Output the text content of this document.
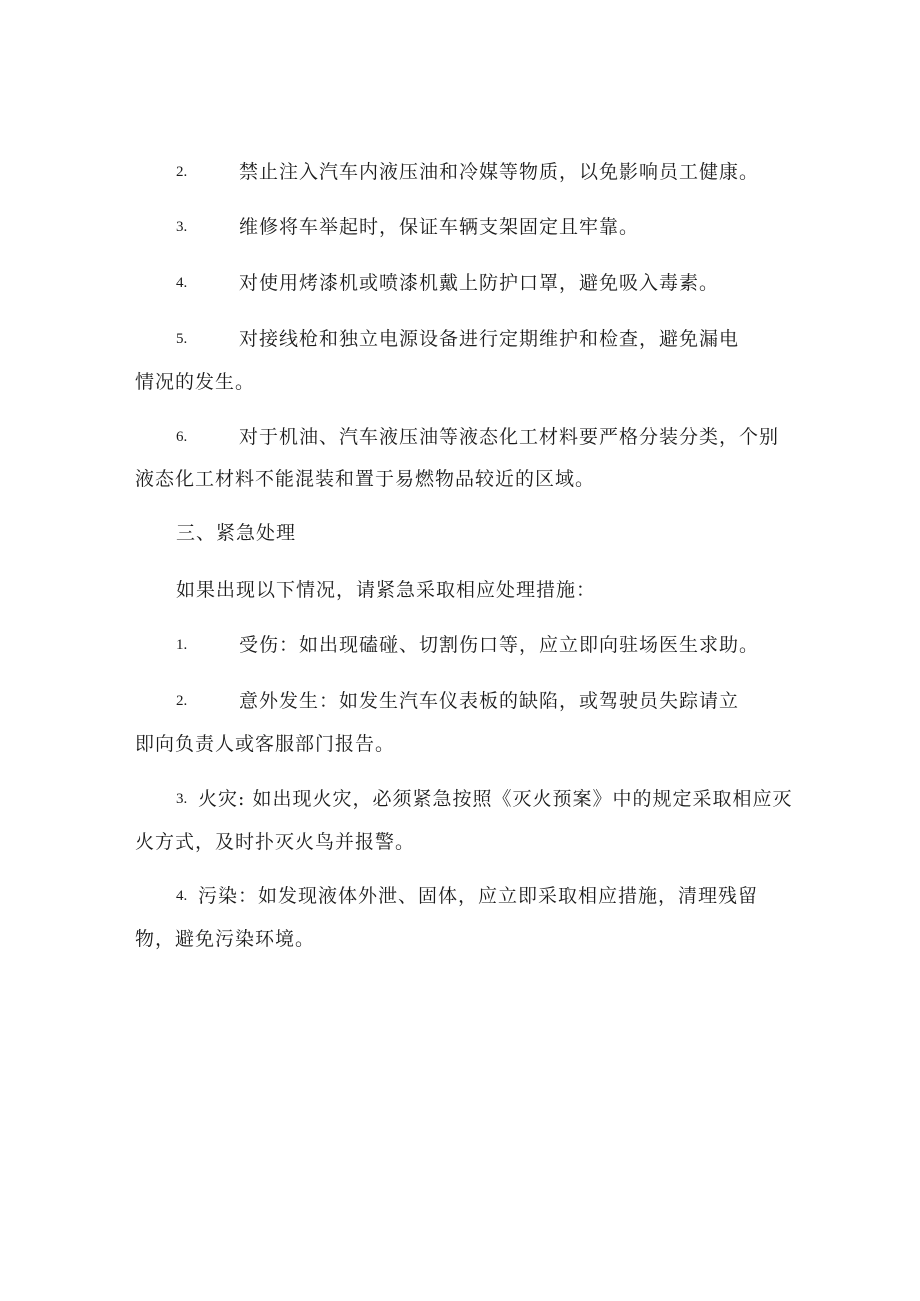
2.	禁止注入汽车内液压油和冷媒等物质，以免影响员工健康。
3.	维修将车举起时，保证车辆支架固定且牢靠。
4.	对使用烤漆机或喷漆机戴上防护口罩，避免吸入毒素。
5.	对接线枪和独立电源设备进行定期维护和检查，避免漏电
情况的发生。
6.	对于机油、汽车液压油等液态化工材料要严格分装分类，个别
液态化工材料不能混装和置于易燃物品较近的区域。
三、紧急处理
如果出现以下情况，请紧急采取相应处理措施：
1.	受伤：如出现磕碰、切割伤口等，应立即向驻场医生求助。
2.	意外发生：如发生汽车仪表板的缺陷，或驾驶员失踪请立
即向负责人或客服部门报告。
3. 火灾: 如出现火灾，必须紧急按照《灭火预案》中的规定采取相应灭
火方式，及时扑灭火鸟并报警。
4. 污染：如发现液体外泄、固体，应立即采取相应措施，清理残留
物，避免污染环境。
